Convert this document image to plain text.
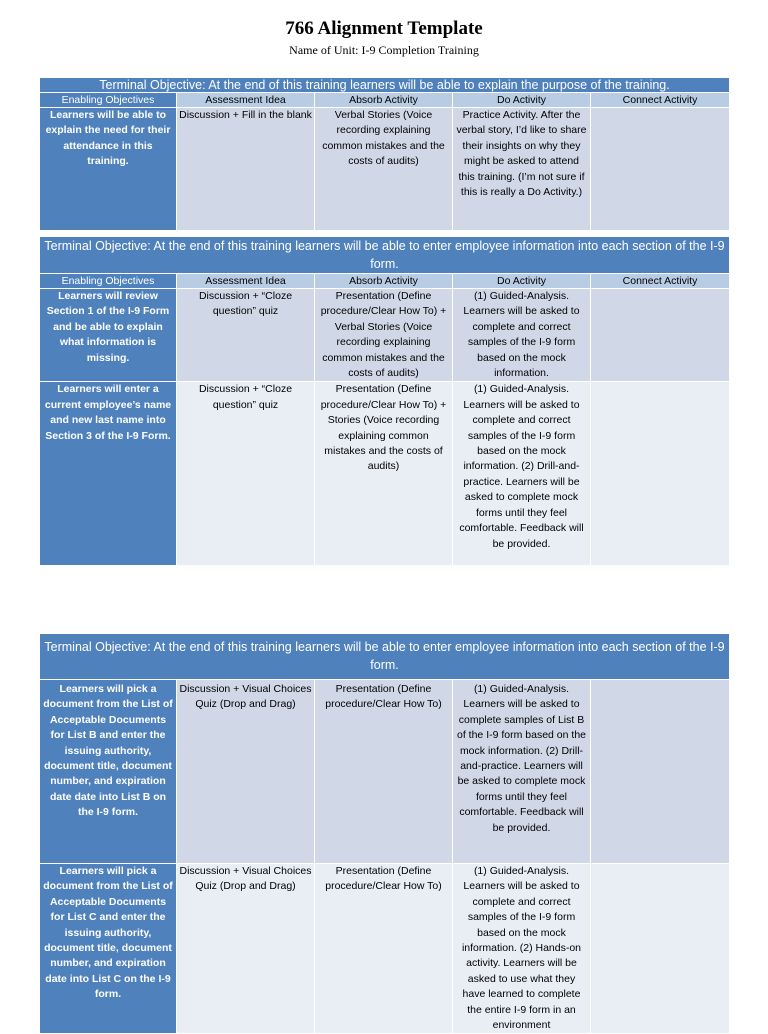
766 Alignment Template
Name of Unit: I-9 Completion Training
Terminal Objective: At the end of this training learners will be able to explain the purpose of the training.				
Enabling Objectives	Assessment Idea	Absorb Activity	Do Activity	Connect Activity
Learners will be able to explain the need for their attendance in this training.	Discussion + Fill in the blank	Verbal Stories (Voice recording explaining common mistakes and the costs of audits)	Practice Activity. After the verbal story, I’d like to share their insights on why they might be asked to attend this training. (I’m not sure if this is really a Do Activity.)	
Terminal Objective: At the end of this training learners will be able to enter employee information into each section of the I-9 form.				
Enabling Objectives	Assessment Idea	Absorb Activity	Do Activity	Connect Activity
Learners will review Section 1 of the I-9 Form and be able to explain what information is missing.	Discussion + “Cloze question” quiz	Presentation (Define procedure/Clear How To) + Verbal Stories (Voice recording explaining common mistakes and the costs of audits)	(1) Guided-Analysis. Learners will be asked to complete and correct samples of the I-9 form based on the mock information.	
Learners will enter a current employee’s name and new last name into Section 3 of the I-9 Form.	Discussion + “Cloze question” quiz	Presentation (Define procedure/Clear How To) + Stories (Voice recording explaining common mistakes and the costs of audits)	(1) Guided-Analysis. Learners will be asked to complete and correct samples of the I-9 form based on the mock information. (2) Drill-and-practice. Learners will be asked to complete mock forms until they feel comfortable. Feedback will be provided.	
Terminal Objective: At the end of this training learners will be able to enter employee information into each section of the I-9 form.				
Learners will pick a document from the List of Acceptable Documents for List B and enter the issuing authority, document title, document number, and expiration date date into List B on the I-9 form.	Discussion + Visual Choices Quiz (Drop and Drag)	Presentation (Define procedure/Clear How To)	(1) Guided-Analysis. Learners will be asked to complete samples of List B of the I-9 form based on the mock information. (2) Drill-and-practice. Learners will be asked to complete mock forms until they feel comfortable. Feedback will be provided.	
Learners will pick a document from the List of Acceptable Documents for List C and enter the issuing authority, document title, document number, and expiration date into List C on the I-9 form.	Discussion + Visual Choices Quiz (Drop and Drag)	Presentation (Define procedure/Clear How To)	(1) Guided-Analysis. Learners will be asked to complete and correct samples of the I-9 form based on the mock information. (2) Hands-on activity. Learners will be asked to use what they have learned to complete the entire I-9 form in an environment	
